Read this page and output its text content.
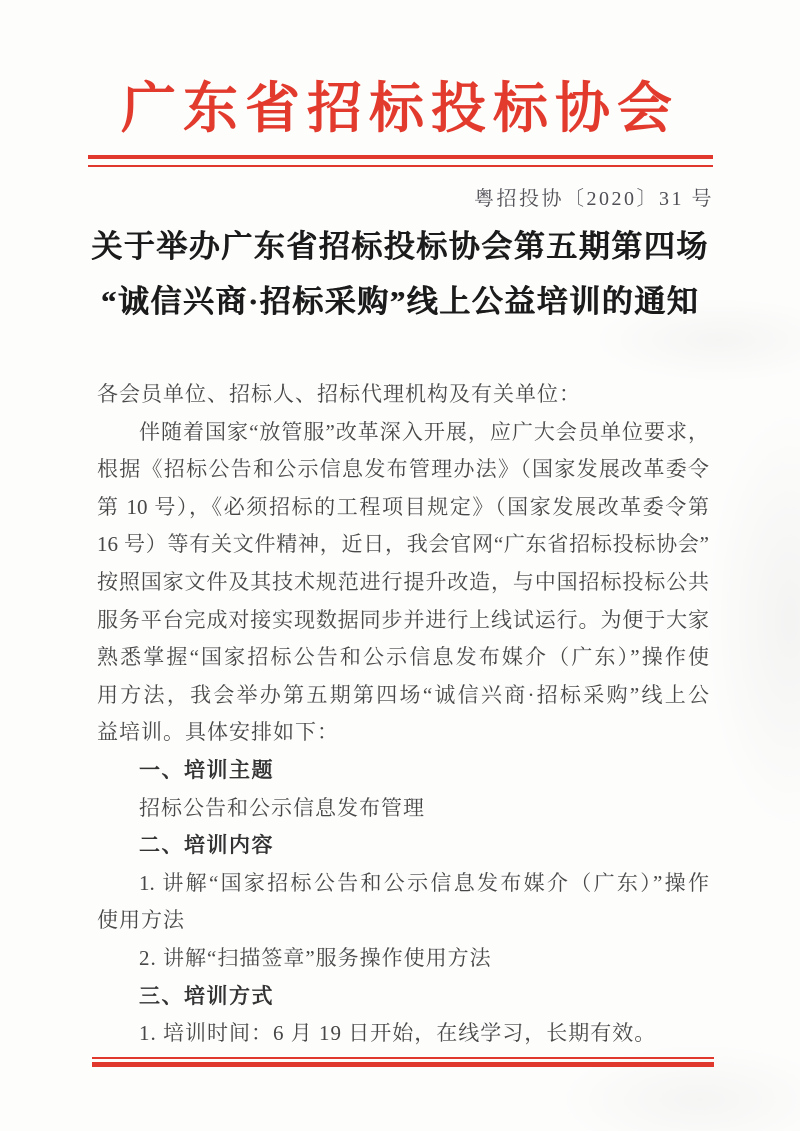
广东省招标投标协会
粤招投协〔2020〕31 号
关于举办广东省招标投标协会第五期第四场
“诚信兴商·招标采购”线上公益培训的通知
各会员单位、招标人、招标代理机构及有关单位：
伴随着国家“放管服”改革深入开展，应广大会员单位要求，
根据《招标公告和公示信息发布管理办法》（国家发展改革委令
第 10 号），《必须招标的工程项目规定》（国家发展改革委令第
16 号）等有关文件精神，近日，我会官网“广东省招标投标协会”
按照国家文件及其技术规范进行提升改造，与中国招标投标公共
服务平台完成对接实现数据同步并进行上线试运行。为便于大家
熟悉掌握“国家招标公告和公示信息发布媒介（广东）”操作使
用方法，我会举办第五期第四场“诚信兴商·招标采购”线上公
益培训。具体安排如下：
一、培训主题
招标公告和公示信息发布管理
二、培训内容
1. 讲解“国家招标公告和公示信息发布媒介（广东）”操作
使用方法
2. 讲解“扫描签章”服务操作使用方法
三、培训方式
1. 培训时间：6 月 19 日开始，在线学习，长期有效。
